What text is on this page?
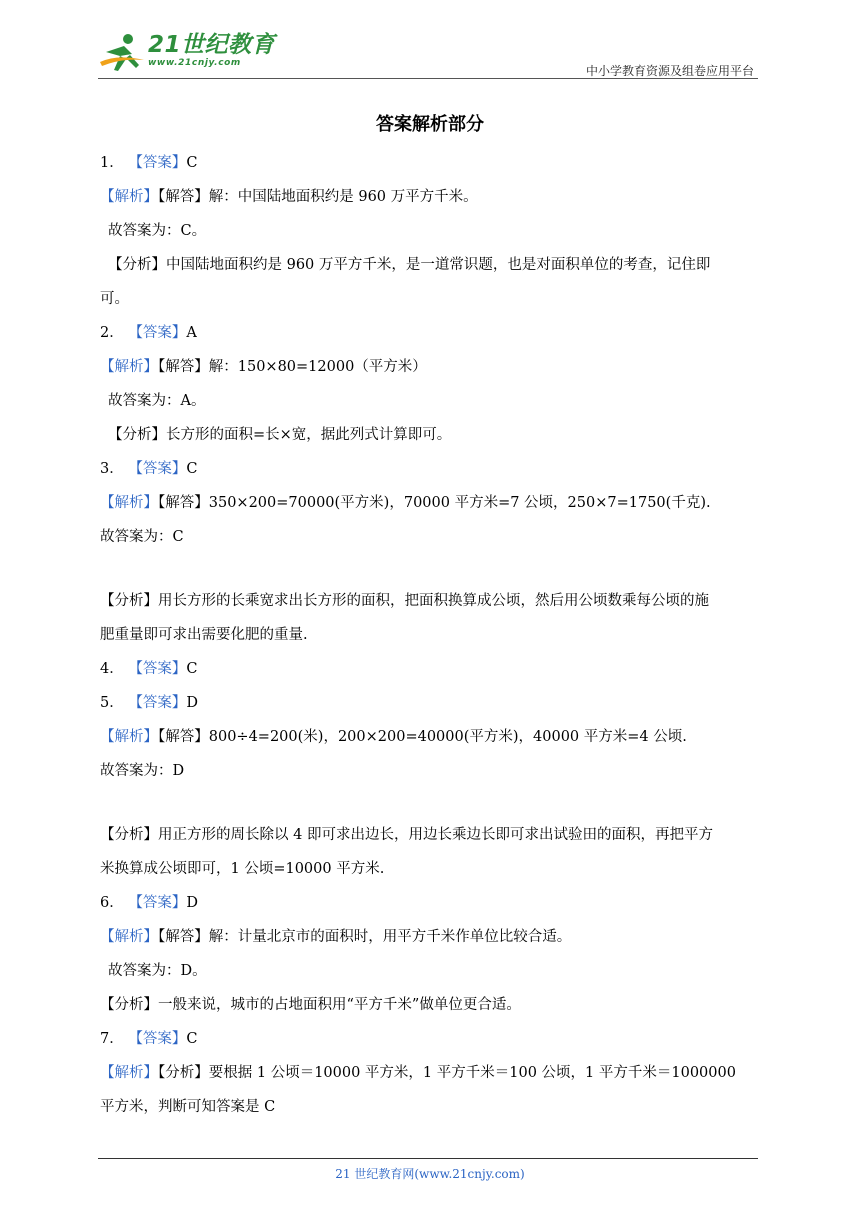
21世纪教育
www.21cnjy.com
中小学教育资源及组卷应用平台
答案解析部分

1． 【答案】C

【解析】【解答】解：中国陆地面积约是 960 万平方千米。

故答案为：C。

【分析】中国陆地面积约是 960 万平方千米，是一道常识题，也是对面积单位的考查，记住即

可。

2． 【答案】A

【解析】【解答】解：150×80=12000（平方米）

故答案为：A。

【分析】长方形的面积=长×宽，据此列式计算即可。

3． 【答案】C

【解析】【解答】350×200=70000(平方米)，70000 平方米=7 公顷，250×7=1750(千克).

故答案为：C

【分析】用长方形的长乘宽求出长方形的面积，把面积换算成公顷，然后用公顷数乘每公顷的施

肥重量即可求出需要化肥的重量.

4． 【答案】C

5． 【答案】D

【解析】【解答】800÷4=200(米)，200×200=40000(平方米)，40000 平方米=4 公顷.

故答案为：D

【分析】用正方形的周长除以 4 即可求出边长，用边长乘边长即可求出试验田的面积，再把平方

米换算成公顷即可，1 公顷=10000 平方米.

6． 【答案】D

【解析】【解答】解：计量北京市的面积时，用平方千米作单位比较合适。

故答案为：D。

【分析】一般来说，城市的占地面积用“平方千米”做单位更合适。

7． 【答案】C

【解析】【分析】要根据 1 公顷＝10000 平方米，1 平方千米＝100 公顷，1 平方千米＝1000000

平方米，判断可知答案是 C

21 世纪教育网(www.21cnjy.com)
